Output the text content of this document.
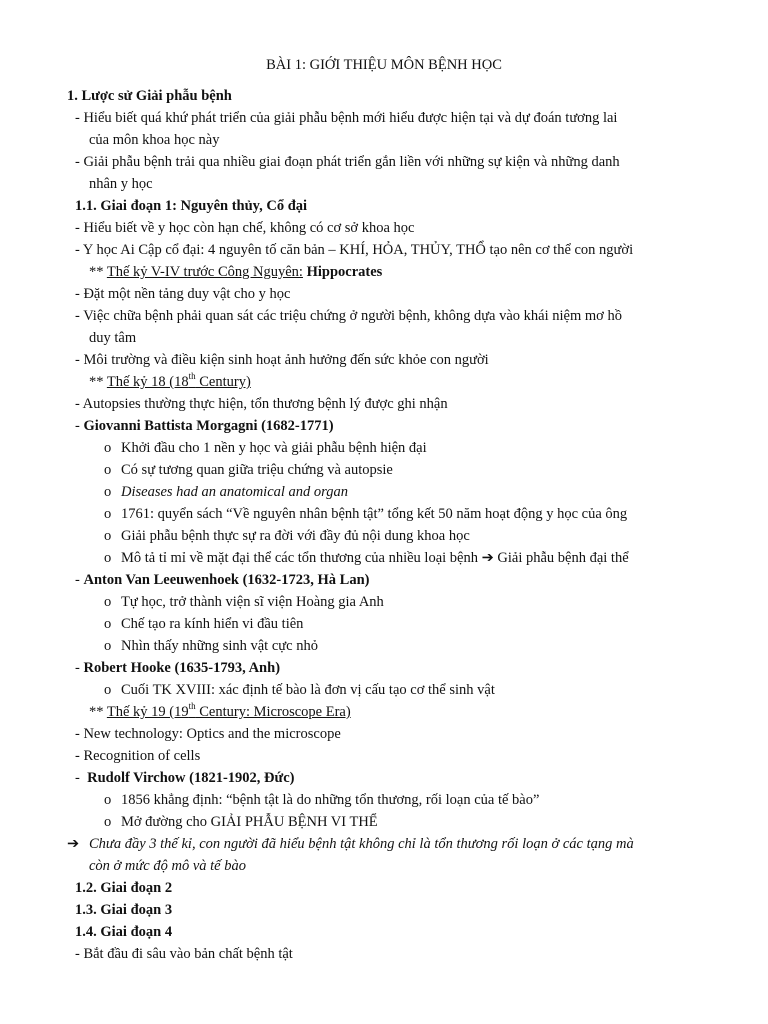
BÀI 1: GIỚI THIỆU MÔN BỆNH HỌC
1. Lược sử Giải phẫu bệnh
- Hiểu biết quá khứ phát triển của giải phẫu bệnh mới hiểu được hiện tại và dự đoán tương lai
của môn khoa học này
- Giải phẫu bệnh trải qua nhiều giai đoạn phát triển gắn liền với những sự kiện và những danh
nhân y học
1.1. Giai đoạn 1: Nguyên thủy, Cổ đại
- Hiểu biết về y học còn hạn chế, không có cơ sở khoa học
- Y học Ai Cập cổ đại: 4 nguyên tố căn bản – KHÍ, HỎA, THỦY, THỔ tạo nên cơ thể con người
** Thế kỷ V-IV trước Công Nguyên: Hippocrates
- Đặt một nền tảng duy vật cho y học
- Việc chữa bệnh phải quan sát các triệu chứng ở người bệnh, không dựa vào khái niệm mơ hồ
duy tâm
- Môi trường và điều kiện sinh hoạt ảnh hưởng đến sức khỏe con người
** Thế kỷ 18 (18th Century)
- Autopsies thường thực hiện, tổn thương bệnh lý được ghi nhận
- Giovanni Battista Morgagni (1682-1771)
o Khởi đầu cho 1 nền y học và giải phẫu bệnh hiện đại
o Có sự tương quan giữa triệu chứng và autopsie
o Diseases had an anatomical and organ
o 1761: quyển sách “Về nguyên nhân bệnh tật” tổng kết 50 năm hoạt động y học của ông
o Giải phẫu bệnh thực sự ra đời với đầy đủ nội dung khoa học
o Mô tả tỉ mỉ về mặt đại thể các tổn thương của nhiều loại bệnh ➔ Giải phẫu bệnh đại thể
- Anton Van Leeuwenhoek (1632-1723, Hà Lan)
o Tự học, trở thành viện sĩ viện Hoàng gia Anh
o Chế tạo ra kính hiển vi đầu tiên
o Nhìn thấy những sinh vật cực nhỏ
- Robert Hooke (1635-1793, Anh)
o Cuối TK XVIII: xác định tế bào là đơn vị cấu tạo cơ thể sinh vật
** Thế kỷ 19 (19th Century: Microscope Era)
- New technology: Optics and the microscope
- Recognition of cells
-  Rudolf Virchow (1821-1902, Đức)
o 1856 khẳng định: “bệnh tật là do những tổn thương, rối loạn của tế bào”
o Mở đường cho GIẢI PHẪU BỆNH VI THỂ
➔ Chưa đầy 3 thế kỉ, con người đã hiểu bệnh tật không chỉ là tổn thương rối loạn ở các tạng mà
còn ở mức độ mô và tế bào
1.2. Giai đoạn 2
1.3. Giai đoạn 3
1.4. Giai đoạn 4
- Bắt đầu đi sâu vào bản chất bệnh tật
